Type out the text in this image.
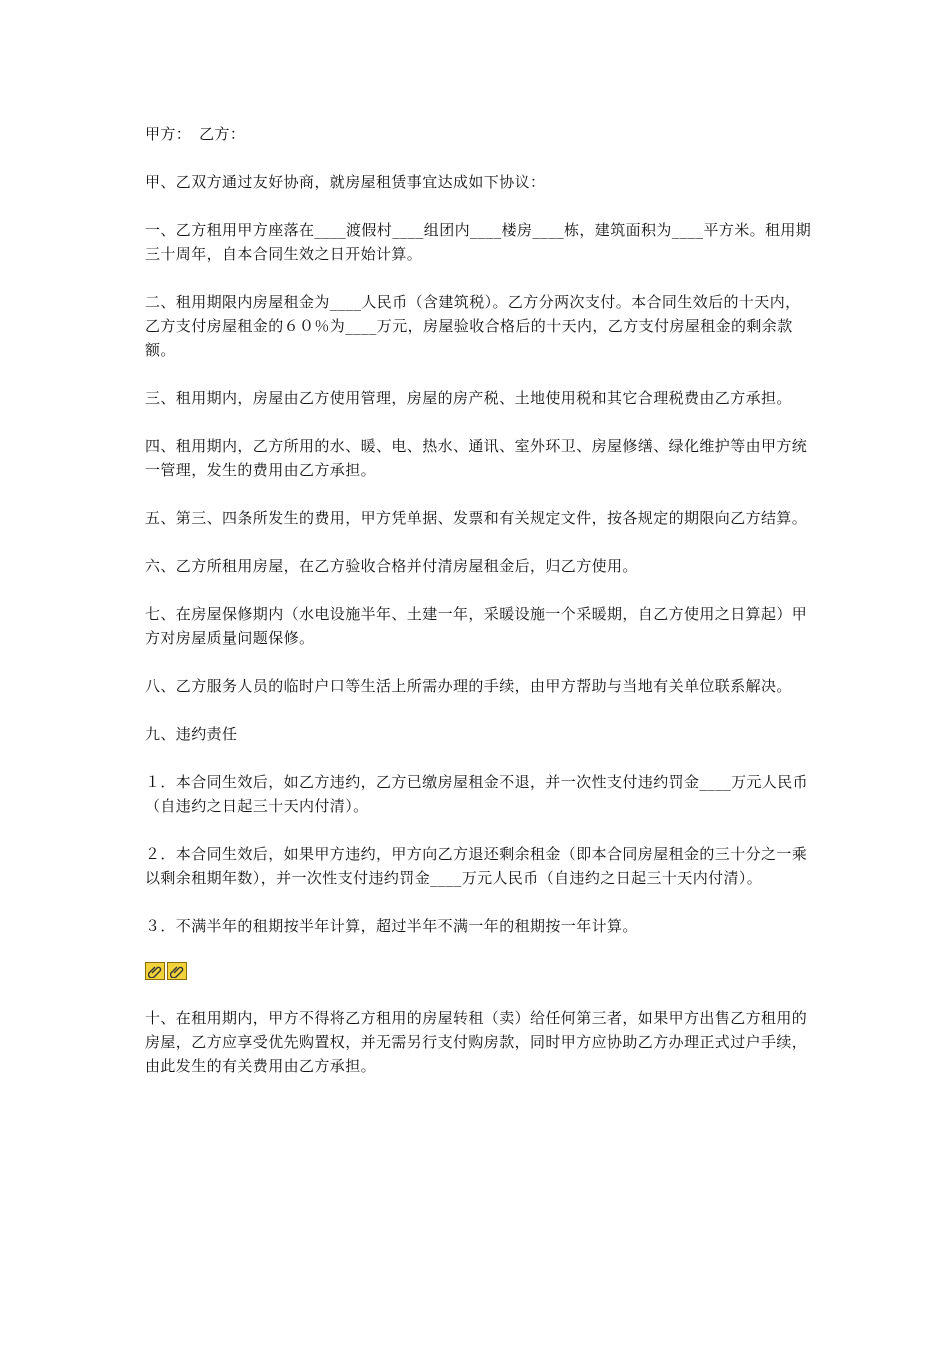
甲方：　乙方：

甲、乙双方通过友好协商，就房屋租赁事宜达成如下协议：

一、乙方租用甲方座落在____渡假村____组团内____楼房____栋，建筑面积为____平方米。租用期三十周年，自本合同生效之日开始计算。

二、租用期限内房屋租金为____人民币（含建筑税）。乙方分两次支付。本合同生效后的十天内，乙方支付房屋租金的６０％为____万元，房屋验收合格后的十天内，乙方支付房屋租金的剩余款额。

三、租用期内，房屋由乙方使用管理，房屋的房产税、土地使用税和其它合理税费由乙方承担。

四、租用期内，乙方所用的水、暖、电、热水、通讯、室外环卫、房屋修缮、绿化维护等由甲方统一管理，发生的费用由乙方承担。

五、第三、四条所发生的费用，甲方凭单据、发票和有关规定文件，按各规定的期限向乙方结算。

六、乙方所租用房屋，在乙方验收合格并付清房屋租金后，归乙方使用。

七、在房屋保修期内（水电设施半年、土建一年，采暖设施一个采暖期，自乙方使用之日算起）甲方对房屋质量问题保修。

八、乙方服务人员的临时户口等生活上所需办理的手续，由甲方帮助与当地有关单位联系解决。

九、违约责任

１．本合同生效后，如乙方违约，乙方已缴房屋租金不退，并一次性支付违约罚金____万元人民币（自违约之日起三十天内付清）。

２．本合同生效后，如果甲方违约，甲方向乙方退还剩余租金（即本合同房屋租金的三十分之一乘以剩余租期年数），并一次性支付违约罚金____万元人民币（自违约之日起三十天内付清）。

３．不满半年的租期按半年计算，超过半年不满一年的租期按一年计算。

十、在租用期内，甲方不得将乙方租用的房屋转租（卖）给任何第三者，如果甲方出售乙方租用的房屋，乙方应享受优先购置权，并无需另行支付购房款，同时甲方应协助乙方办理正式过户手续，由此发生的有关费用由乙方承担。
